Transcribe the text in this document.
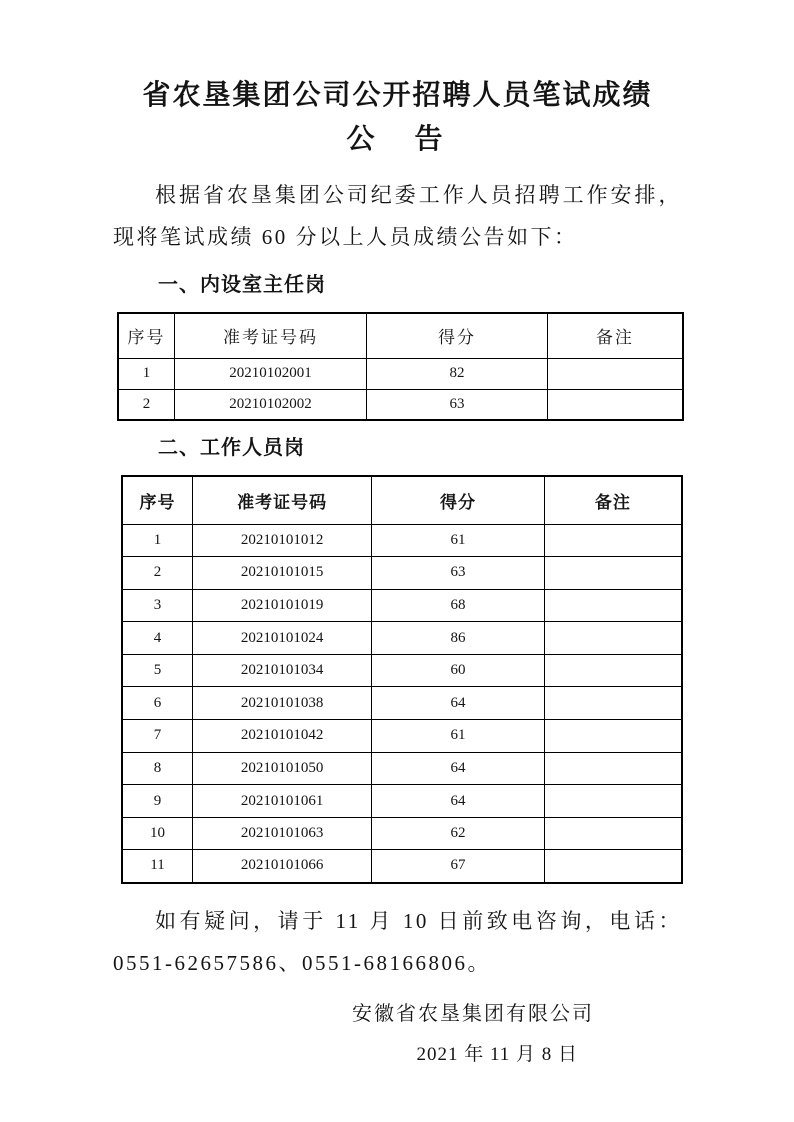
省农垦集团公司公开招聘人员笔试成绩
公　告

根据省农垦集团公司纪委工作人员招聘工作安排，现将笔试成绩 60 分以上人员成绩公告如下：

一、内设室主任岗
序号	准考证号码	得分	备注
1	20210102001	82	
2	20210102002	63	
二、工作人员岗
序号	准考证号码	得分	备注
1	20210101012	61	
2	20210101015	63	
3	20210101019	68	
4	20210101024	86	
5	20210101034	60	
6	20210101038	64	
7	20210101042	61	
8	20210101050	64	
9	20210101061	64	
10	20210101063	62	
11	20210101066	67	

如有疑问，请于 11 月 10 日前致电咨询，电话：0551-62657586、0551-68166806。

安徽省农垦集团有限公司
2021 年 11 月 8 日
